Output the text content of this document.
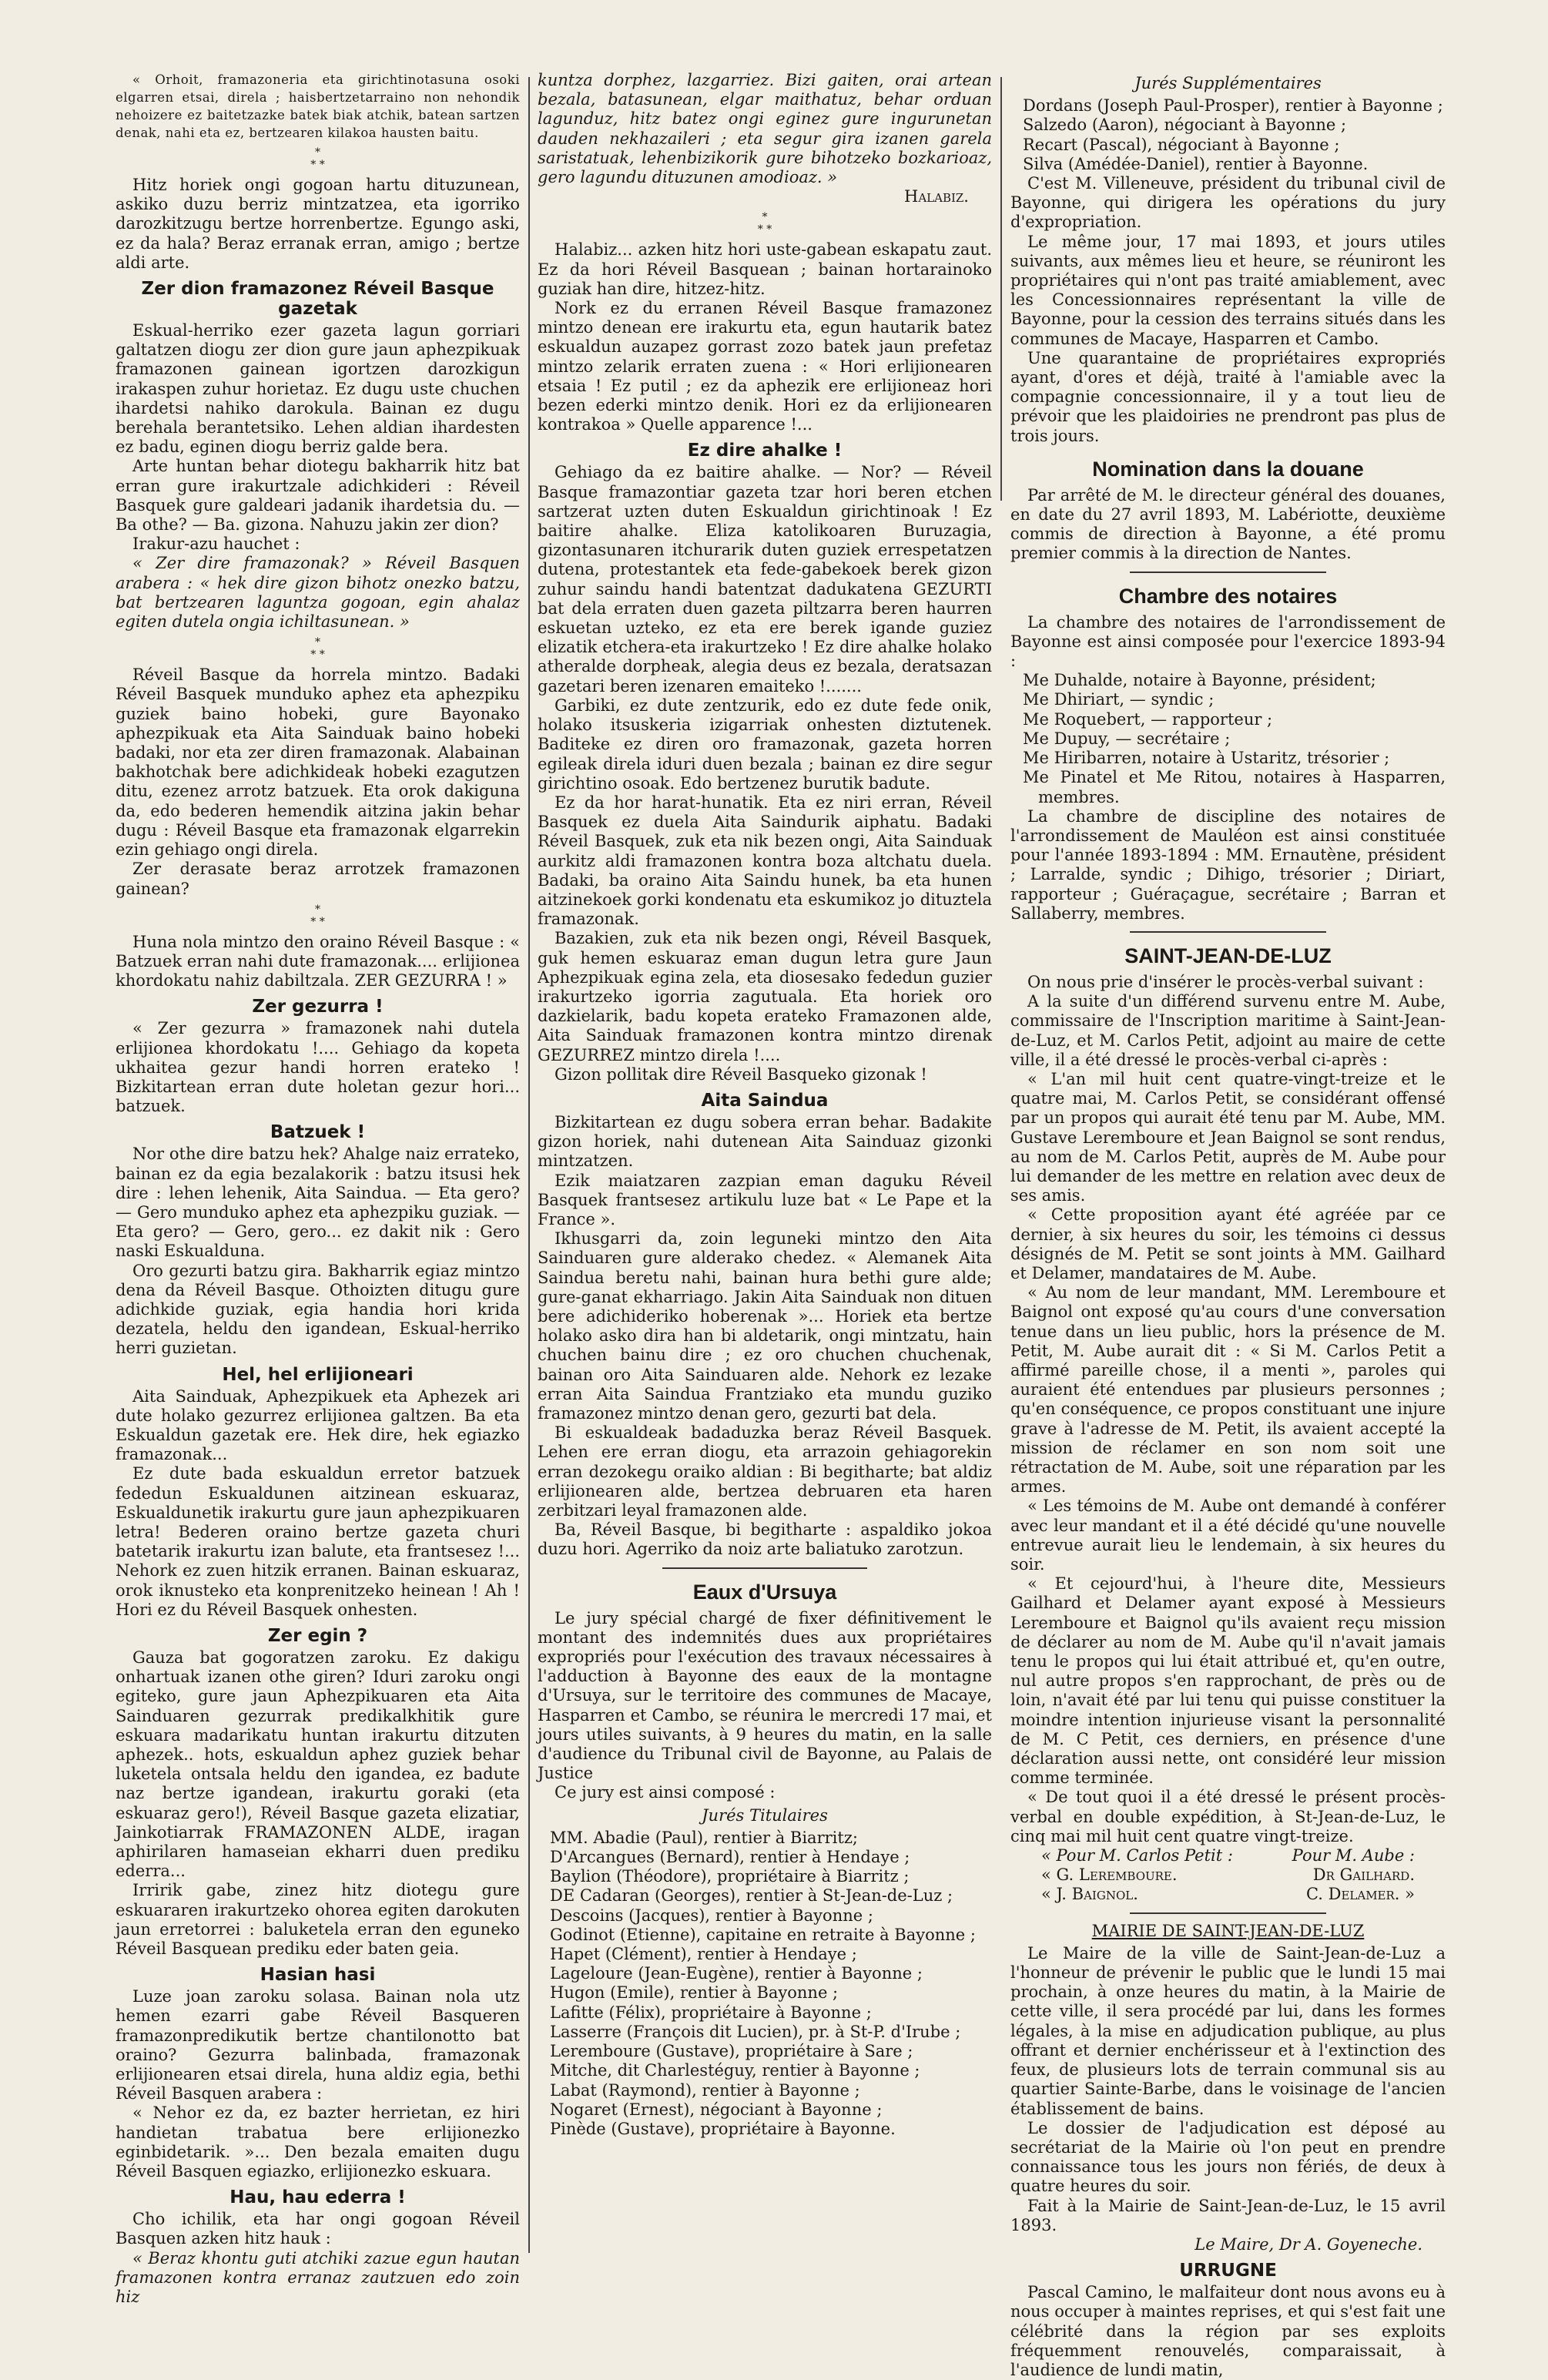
« Orhoit, framazoneria eta girichtinotasuna osoki elgarren etsai, direla ; haisbertzetarraino non nehondik nehoizere ez baitetzazke batek biak atchik, batean sartzen denak, nahi eta ez, bertzearen kilakoa hausten baitu.

*
* *

Hitz horiek ongi gogoan hartu dituzunean, askiko duzu berriz mintzatzea, eta igorriko darozkitzugu bertze horrenbertze. Egungo aski, ez da hala? Beraz erranak erran, amigo ; bertze aldi arte.

Zer dion framazonez Réveil Basque gazetak

Eskual-herriko ezer gazeta lagun gorriari galtatzen diogu zer dion gure jaun aphezpikuak framazonen gainean igortzen darozkigun irakaspen zuhur horietaz. Ez dugu uste chuchen ihardetsi nahiko darokula. Bainan ez dugu berehala berantetsiko. Lehen aldian ihardesten ez badu, eginen diogu berriz galde bera.

Arte huntan behar diotegu bakharrik hitz bat erran gure irakurtzale adichkideri : Réveil Basquek gure galdeari jadanik ihardetsia du. — Ba othe? — Ba. gizona. Nahuzu jakin zer dion?

Irakur-azu hauchet :

« Zer dire framazonak? » Réveil Basquen arabera : « hek dire gizon bihotz onezko batzu, bat bertzearen laguntza gogoan, egin ahalaz egiten dutela ongia ichiltasunean. »

*
* *

Réveil Basque da horrela mintzo. Badaki Réveil Basquek munduko aphez eta aphezpiku guziek baino hobeki, gure Bayonako aphezpikuak eta Aita Sainduak baino hobeki badaki, nor eta zer diren framazonak. Alabainan bakhotchak bere adichkideak hobeki ezagutzen ditu, ezenez arrotz batzuek. Eta orok dakiguna da, edo bederen hemendik aitzina jakin behar dugu : Réveil Basque eta framazonak elgarrekin ezin gehiago ongi direla.

Zer derasate beraz arrotzek framazonen gainean?

*
* *

Huna nola mintzo den oraino Réveil Basque : « Batzuek erran nahi dute framazonak.... erlijionea khordokatu nahiz dabiltzala. ZER GEZURRA ! »

Zer gezurra !

« Zer gezurra » framazonek nahi dutela erlijionea khordokatu !.... Gehiago da kopeta ukhaitea gezur handi horren erateko ! Bizkitartean erran dute holetan gezur hori... batzuek.

Batzuek !

Nor othe dire batzu hek? Ahalge naiz errateko, bainan ez da egia bezalakorik : batzu itsusi hek dire : lehen lehenik, Aita Saindua. — Eta gero? — Gero munduko aphez eta aphezpiku guziak. — Eta gero? — Gero, gero... ez dakit nik : Gero naski Eskualduna.

Oro gezurti batzu gira. Bakharrik egiaz mintzo dena da Réveil Basque. Othoizten ditugu gure adichkide guziak, egia handia hori krida dezatela, heldu den igandean, Eskual-herriko herri guzietan.

Hel, hel erlijioneari

Aita Sainduak, Aphezpikuek eta Aphezek ari dute holako gezurrez erlijionea galtzen. Ba eta Eskualdun gazetak ere. Hek dire, hek egiazko framazonak...

Ez dute bada eskualdun erretor batzuek fededun Eskualdunen aitzinean eskuaraz, Eskualdunetik irakurtu gure jaun aphezpikuaren letra! Bederen oraino bertze gazeta churi batetarik irakurtu izan balute, eta frantsesez !... Nehork ez zuen hitzik erranen. Bainan eskuaraz, orok iknusteko eta konprenitzeko heinean ! Ah ! Hori ez du Réveil Basquek onhesten.

Zer egin ?

Gauza bat gogoratzen zaroku. Ez dakigu onhartuak izanen othe giren? Iduri zaroku ongi egiteko, gure jaun Aphezpikuaren eta Aita Sainduaren gezurrak predikalkhitik gure eskuara madarikatu huntan irakurtu ditzuten aphezek.. hots, eskualdun aphez guziek behar luketela ontsala heldu den igandea, ez badute naz bertze igandean, irakurtu goraki (eta eskuaraz gero!), Réveil Basque gazeta elizatiar, Jainkotiarrak FRAMAZONEN ALDE, iragan aphirilaren hamaseian ekharri duen prediku ederra...

Irririk gabe, zinez hitz diotegu gure eskuararen irakurtzeko ohorea egiten darokuten jaun erretorrei : baluketela erran den eguneko Réveil Basquean prediku eder baten geia.

Hasian hasi

Luze joan zaroku solasa. Bainan nola utz hemen ezarri gabe Réveil Basqueren framazonpredikutik bertze chantilonotto bat oraino? Gezurra balinbada, framazonak erlijionearen etsai direla, huna aldiz egia, bethi Réveil Basquen arabera :

« Nehor ez da, ez bazter herrietan, ez hiri handietan trabatua bere erlijionezko eginbidetarik. »... Den bezala emaiten dugu Réveil Basquen egiazko, erlijionezko eskuara.

Hau, hau ederra !

Cho ichilik, eta har ongi gogoan Réveil Basquen azken hitz hauk :

« Beraz khontu guti atchiki zazue egun hautan framazonen kontra erranaz zautzuen edo zoin hiz

kuntza dorphez, lazgarriez. Bizi gaiten, orai artean bezala, batasunean, elgar maithatuz, behar orduan lagunduz, hitz batez ongi eginez gure ingurunetan dauden nekhazaileri ; eta segur gira izanen garela saristatuak, lehenbizikorik gure bihotzeko bozkarioaz, gero lagundu dituzunen amodioaz. »

Halabiz.
*
* *

Halabiz... azken hitz hori uste-gabean eskapatu zaut. Ez da hori Réveil Basquean ; bainan hortarainoko guziak han dire, hitzez-hitz.

Nork ez du erranen Réveil Basque framazonez mintzo denean ere irakurtu eta, egun hautarik batez eskualdun auzapez gorrast zozo batek jaun prefetaz mintzo zelarik erraten zuena : « Hori erlijionearen etsaia ! Ez putil ; ez da aphezik ere erlijioneaz hori bezen ederki mintzo denik. Hori ez da erlijionearen kontrakoa » Quelle apparence !...

Ez dire ahalke !

Gehiago da ez baitire ahalke. — Nor? — Réveil Basque framazontiar gazeta tzar hori beren etchen sartzerat uzten duten Eskualdun girichtinoak ! Ez baitire ahalke. Eliza katolikoaren Buruzagia, gizontasunaren itchurarik duten guziek errespetatzen dutena, protestantek eta fede-gabekoek berek gizon zuhur saindu handi batentzat dadukatena GEZURTI bat dela erraten duen gazeta piltzarra beren haurren eskuetan uzteko, ez eta ere berek igande guziez elizatik etchera-eta irakurtzeko ! Ez dire ahalke holako atheralde dorpheak, alegia deus ez bezala, deratsazan gazetari beren izenaren emaiteko !.......

Garbiki, ez dute zentzurik, edo ez dute fede onik, holako itsuskeria izigarriak onhesten diztutenek. Baditeke ez diren oro framazonak, gazeta horren egileak direla iduri duen bezala ; bainan ez dire segur girichtino osoak. Edo bertzenez burutik badute.

Ez da hor harat-hunatik. Eta ez niri erran, Réveil Basquek ez duela Aita Saindurik aiphatu. Badaki Réveil Basquek, zuk eta nik bezen ongi, Aita Sainduak aurkitz aldi framazonen kontra boza altchatu duela. Badaki, ba oraino Aita Saindu hunek, ba eta hunen aitzinekoek gorki kondenatu eta eskumikoz jo dituztela framazonak.

Bazakien, zuk eta nik bezen ongi, Réveil Basquek, guk hemen eskuaraz eman dugun letra gure Jaun Aphezpikuak egina zela, eta diosesako fededun guzier irakurtzeko igorria zagutuala. Eta horiek oro dazkielarik, badu kopeta erateko Framazonen alde, Aita Sainduak framazonen kontra mintzo direnak GEZURREZ mintzo direla !....

Gizon pollitak dire Réveil Basqueko gizonak !

Aita Saindua

Bizkitartean ez dugu sobera erran behar. Badakite gizon horiek, nahi dutenean Aita Sainduaz gizonki mintzatzen.

Ezik maiatzaren zazpian eman daguku Réveil Basquek frantsesez artikulu luze bat « Le Pape et la France ».

Ikhusgarri da, zoin leguneki mintzo den Aita Sainduaren gure alderako chedez. « Alemanek Aita Saindua beretu nahi, bainan hura bethi gure alde; gure-ganat ekharriago. Jakin Aita Sainduak non dituen bere adichideriko hoberenak »... Horiek eta bertze holako asko dira han bi aldetarik, ongi mintzatu, hain chuchen bainu dire ; ez oro chuchen chuchenak, bainan oro Aita Sainduaren alde. Nehork ez lezake erran Aita Saindua Frantziako eta mundu guziko framazonez mintzo denan gero, gezurti bat dela.

Bi eskualdeak badaduzka beraz Réveil Basquek. Lehen ere erran diogu, eta arrazoin gehiagorekin erran dezokegu oraiko aldian : Bi begitharte; bat aldiz erlijionearen alde, bertzea debruaren eta haren zerbitzari leyal framazonen alde.

Ba, Réveil Basque, bi begitharte : aspaldiko jokoa duzu hori. Agerriko da noiz arte baliatuko zarotzun.

Eaux d'Ursuya

Le jury spécial chargé de fixer définitivement le montant des indemnités dues aux propriétaires expropriés pour l'exécution des travaux nécessaires à l'adduction à Bayonne des eaux de la montagne d'Ursuya, sur le territoire des communes de Macaye, Hasparren et Cambo, se réunira le mercredi 17 mai, et jours utiles suivants, à 9 heures du matin, en la salle d'audience du Tribunal civil de Bayonne, au Palais de Justice

Ce jury est ainsi composé :

Jurés Titulaires
MM. Abadie (Paul), rentier à Biarritz;
D'Arcangues (Bernard), rentier à Hendaye ;
Baylion (Théodore), propriétaire à Biarritz ;
DE Cadaran (Georges), rentier à St-Jean-de-Luz ;
Descoins (Jacques), rentier à Bayonne ;
Godinot (Etienne), capitaine en retraite à Bayonne ;
Hapet (Clément), rentier à Hendaye ;
Lageloure (Jean-Eugène), rentier à Bayonne ;
Hugon (Emile), rentier à Bayonne ;
Lafitte (Félix), propriétaire à Bayonne ;
Lasserre (François dit Lucien), pr. à St-P. d'Irube ;
Leremboure (Gustave), propriétaire à Sare ;
Mitche, dit Charlestéguy, rentier à Bayonne ;
Labat (Raymond), rentier à Bayonne ;
Nogaret (Ernest), négociant à Bayonne ;
Pinède (Gustave), propriétaire à Bayonne.
Jurés Supplémentaires
Dordans (Joseph Paul-Prosper), rentier à Bayonne ;
Salzedo (Aaron), négociant à Bayonne ;
Recart (Pascal), négociant à Bayonne ;
Silva (Amédée-Daniel), rentier à Bayonne.

C'est M. Villeneuve, président du tribunal civil de Bayonne, qui dirigera les opérations du jury d'expropriation.

Le même jour, 17 mai 1893, et jours utiles suivants, aux mêmes lieu et heure, se réuniront les propriétaires qui n'ont pas traité amiablement, avec les Concessionnaires représentant la ville de Bayonne, pour la cession des terrains situés dans les communes de Macaye, Hasparren et Cambo.

Une quarantaine de propriétaires expropriés ayant, d'ores et déjà, traité à l'amiable avec la compagnie concessionnaire, il y a tout lieu de prévoir que les plaidoiries ne prendront pas plus de trois jours.

Nomination dans la douane

Par arrêté de M. le directeur général des douanes, en date du 27 avril 1893, M. Labériotte, deuxième commis de direction à Bayonne, a été promu premier commis à la direction de Nantes.

Chambre des notaires

La chambre des notaires de l'arrondissement de Bayonne est ainsi composée pour l'exercice 1893-94 :

Me Duhalde, notaire à Bayonne, président;
Me Dhiriart, — syndic ;
Me Roquebert, — rapporteur ;
Me Dupuy, — secrétaire ;
Me Hiribarren, notaire à Ustaritz, trésorier ;
Me Pinatel et Me Ritou, notaires à Hasparren, membres.

La chambre de discipline des notaires de l'arrondissement de Mauléon est ainsi constituée pour l'année 1893-1894 : MM. Ernautène, président ; Larralde, syndic ; Dihigo, trésorier ; Diriart, rapporteur ; Guéraçague, secrétaire ; Barran et Sallaberry, membres.

SAINT-JEAN-DE-LUZ

On nous prie d'insérer le procès-verbal suivant :

A la suite d'un différend survenu entre M. Aube, commissaire de l'Inscription maritime à Saint-Jean-de-Luz, et M. Carlos Petit, adjoint au maire de cette ville, il a été dressé le procès-verbal ci-après :

« L'an mil huit cent quatre-vingt-treize et le quatre mai, M. Carlos Petit, se considérant offensé par un propos qui aurait été tenu par M. Aube, MM. Gustave Leremboure et Jean Baignol se sont rendus, au nom de M. Carlos Petit, auprès de M. Aube pour lui demander de les mettre en relation avec deux de ses amis.

« Cette proposition ayant été agréée par ce dernier, à six heures du soir, les témoins ci dessus désignés de M. Petit se sont joints à MM. Gailhard et Delamer, mandataires de M. Aube.

« Au nom de leur mandant, MM. Leremboure et Baignol ont exposé qu'au cours d'une conversation tenue dans un lieu public, hors la présence de M. Petit, M. Aube aurait dit : « Si M. Carlos Petit a affirmé pareille chose, il a menti », paroles qui auraient été entendues par plusieurs personnes ; qu'en conséquence, ce propos constituant une injure grave à l'adresse de M. Petit, ils avaient accepté la mission de réclamer en son nom soit une rétractation de M. Aube, soit une réparation par les armes.

« Les témoins de M. Aube ont demandé à conférer avec leur mandant et il a été décidé qu'une nouvelle entrevue aurait lieu le lendemain, à six heures du soir.

« Et cejourd'hui, à l'heure dite, Messieurs Gailhard et Delamer ayant exposé à Messieurs Leremboure et Baignol qu'ils avaient reçu mission de déclarer au nom de M. Aube qu'il n'avait jamais tenu le propos qui lui était attribué et, qu'en outre, nul autre propos s'en rapprochant, de près ou de loin, n'avait été par lui tenu qui puisse constituer la moindre intention injurieuse visant la personnalité de M. C Petit, ces derniers, en présence d'une déclaration aussi nette, ont considéré leur mission comme terminée.

« De tout quoi il a été dressé le présent procès-verbal en double expédition, à St-Jean-de-Luz, le cinq mai mil huit cent quatre vingt-treize.

« Pour M. Carlos Petit :	Pour M. Aube :
« G. Leremboure.	Dr Gailhard.
« J. Baignol.	C. Delamer. »
MAIRIE DE SAINT-JEAN-DE-LUZ

Le Maire de la ville de Saint-Jean-de-Luz a l'honneur de prévenir le public que le lundi 15 mai prochain, à onze heures du matin, à la Mairie de cette ville, il sera procédé par lui, dans les formes légales, à la mise en adjudication publique, au plus offrant et dernier enchérisseur et à l'extinction des feux, de plusieurs lots de terrain communal sis au quartier Sainte-Barbe, dans le voisinage de l'ancien établissement de bains.

Le dossier de l'adjudication est déposé au secrétariat de la Mairie où l'on peut en prendre connaissance tous les jours non fériés, de deux à quatre heures du soir.

Fait à la Mairie de Saint-Jean-de-Luz, le 15 avril 1893.

Le Maire, Dr A. Goyeneche.
URRUGNE

Pascal Camino, le malfaiteur dont nous avons eu à nous occuper à maintes reprises, et qui s'est fait une célébrité dans la région par ses exploits fréquemment renouvelés, comparaissait, à l'audience de lundi matin,
